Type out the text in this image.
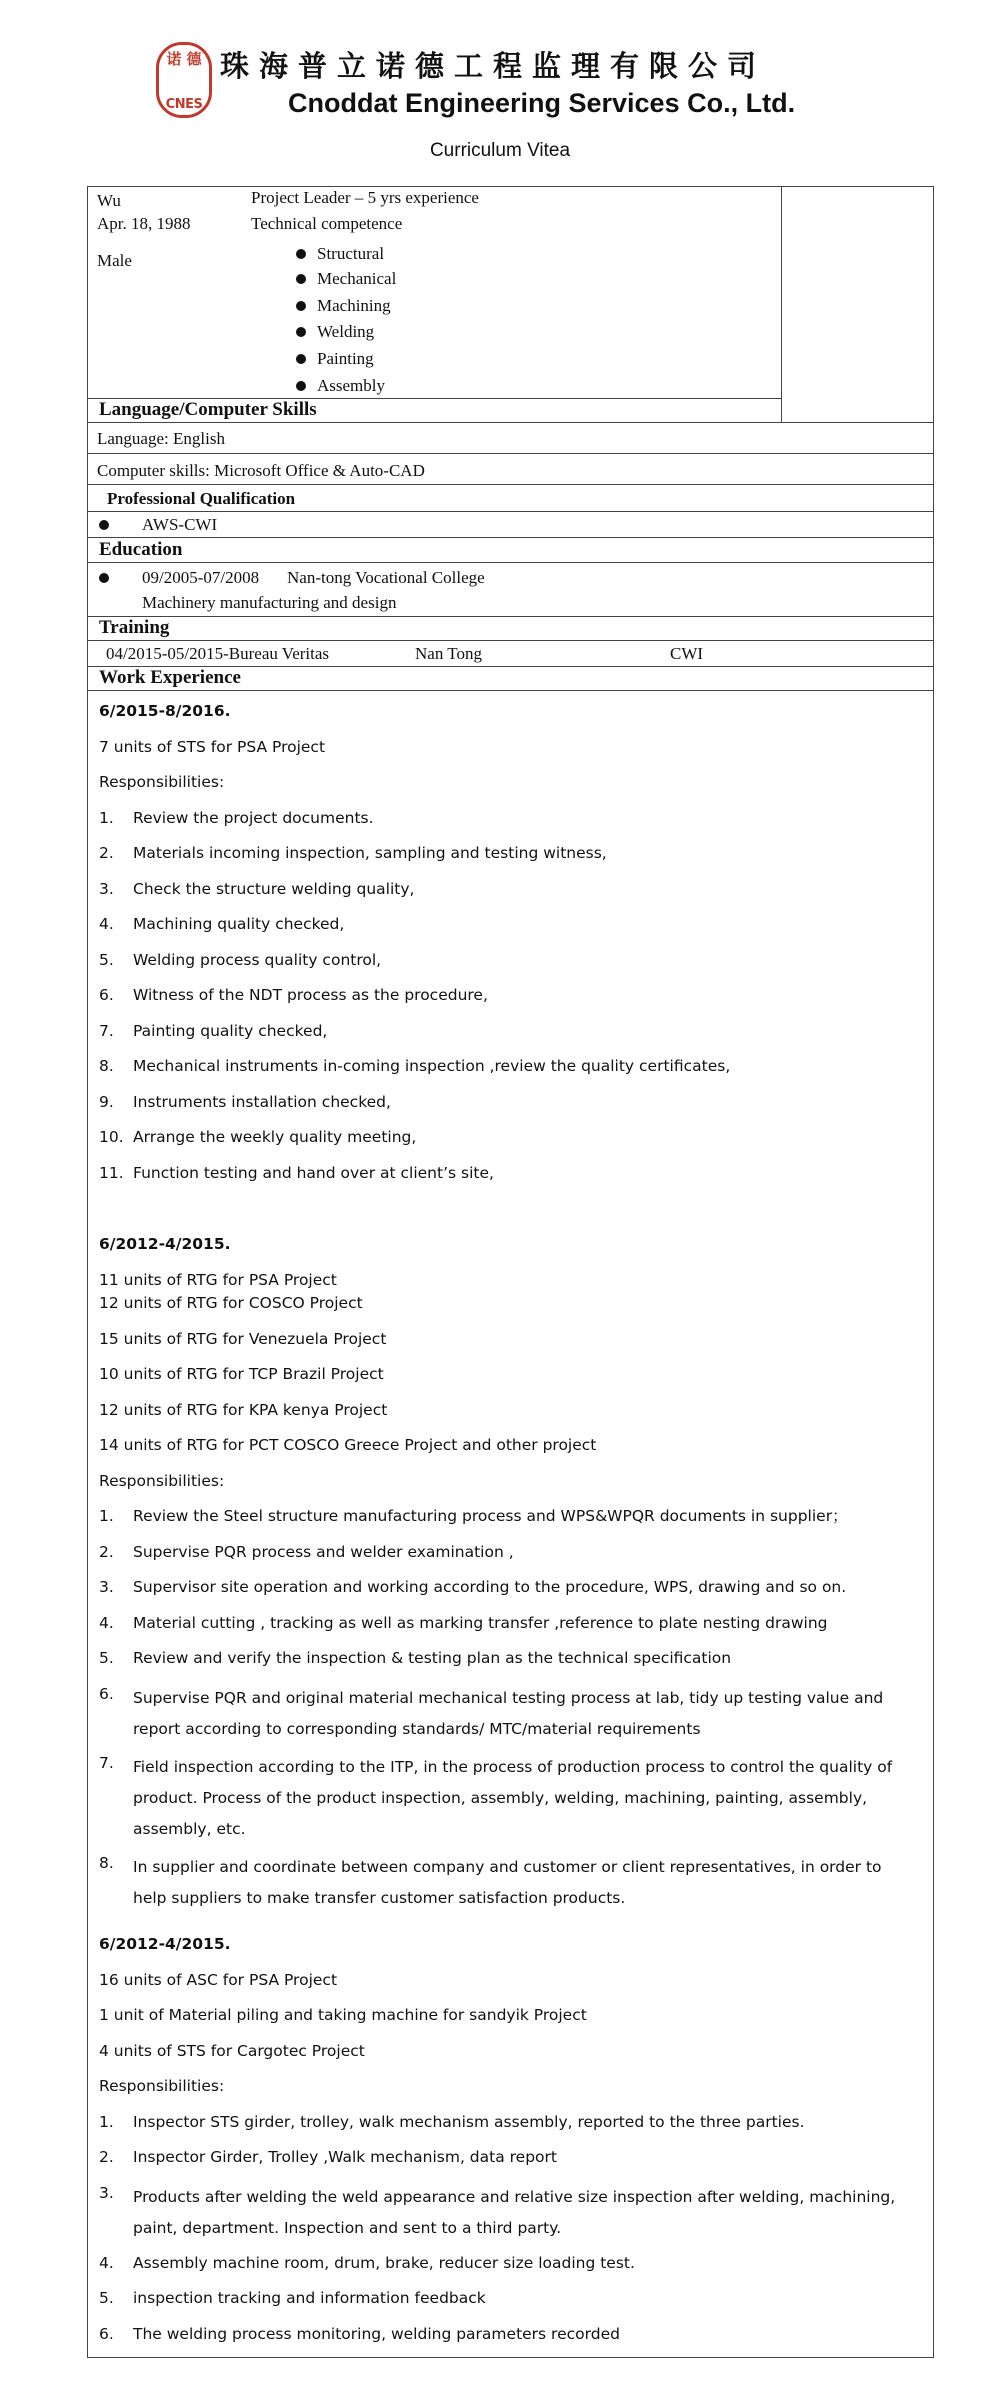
诺 德
CNES
珠海普立诺德工程监理有限公司
Cnoddat Engineering Services Co., Ltd.
Curriculum Vitea
Wu
Apr. 18, 1988
Male
Project Leader – 5 yrs experience
Technical competence
Structural
Mechanical
Machining
Welding
Painting
Assembly
Language/Computer Skills
Language: English
Computer skills: Microsoft Office & Auto-CAD
Professional Qualification
AWS-CWI
Education
09/2005-07/2008 Nan-tong Vocational College
Machinery manufacturing and design
Training
04/2015-05/2015-Bureau Veritas	Nan Tong	CWI
Work Experience
6/2015-8/2016.
7 units of STS for PSA Project
Responsibilities:
1. Review the project documents.
2. Materials incoming inspection, sampling and testing witness,
3. Check the structure welding quality,
4. Machining quality checked,
5. Welding process quality control,
6. Witness of the NDT process as the procedure,
7. Painting quality checked,
8. Mechanical instruments in-coming inspection ,review the quality certificates,
9. Instruments installation checked,
10. Arrange the weekly quality meeting,
11. Function testing and hand over at client’s site,
6/2012-4/2015.
11 units of RTG for PSA Project
12 units of RTG for COSCO Project
15 units of RTG for Venezuela Project
10 units of RTG for TCP Brazil Project
12 units of RTG for KPA kenya Project
14 units of RTG for PCT COSCO Greece Project and other project
Responsibilities:
1. Review the Steel structure manufacturing process and WPS&WPQR documents in supplier；
2. Supervise PQR process and welder examination ,
3. Supervisor site operation and working according to the procedure, WPS, drawing and so on.
4. Material cutting , tracking as well as marking transfer ,reference to plate nesting drawing
5. Review and verify the inspection & testing plan as the technical specification
6. Supervise PQR and original material mechanical testing process at lab, tidy up testing value and report according to corresponding standards/ MTC/material requirements
7. Field inspection according to the ITP, in the process of production process to control the quality of product. Process of the product inspection, assembly, welding, machining, painting, assembly, assembly, etc.
8. In supplier and coordinate between company and customer or client representatives, in order to help suppliers to make transfer customer satisfaction products.
6/2012-4/2015.
16 units of ASC for PSA Project
1 unit of Material piling and taking machine for sandyik Project
4 units of STS for Cargotec Project
Responsibilities:
1. Inspector STS girder, trolley, walk mechanism assembly, reported to the three parties.
2. Inspector Girder, Trolley ,Walk mechanism, data report
3. Products after welding the weld appearance and relative size inspection after welding, machining, paint, department. Inspection and sent to a third party.
4. Assembly machine room, drum, brake, reducer size loading test.
5. inspection tracking and information feedback
6. The welding process monitoring, welding parameters recorded
